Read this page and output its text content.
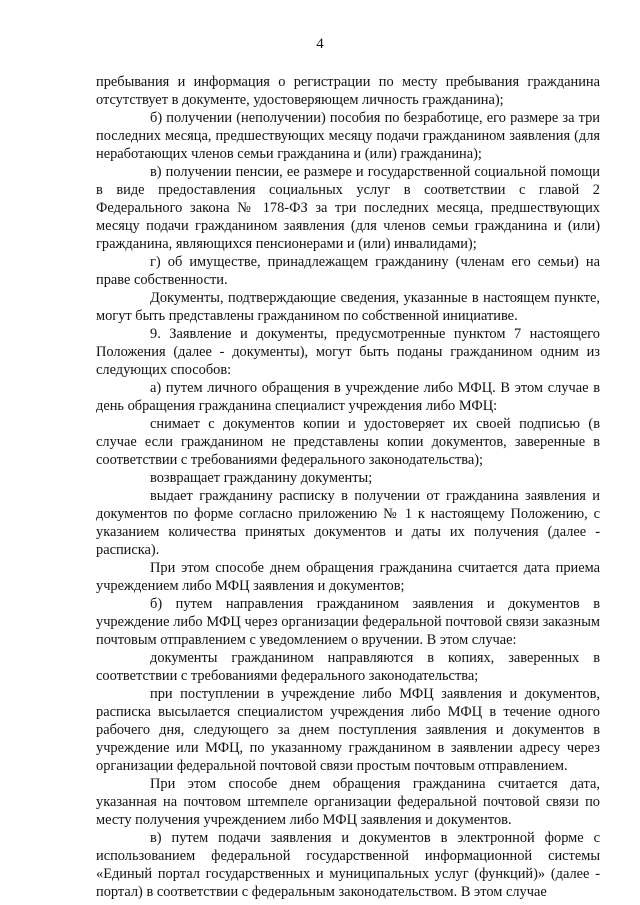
4

пребывания и информация о регистрации по месту пребывания гражданина отсутствует в документе, удостоверяющем личность гражданина);

б) получении (неполучении) пособия по безработице, его размере за три последних месяца, предшествующих месяцу подачи гражданином заявления (для неработающих членов семьи гражданина и (или) гражданина);

в) получении пенсии, ее размере и государственной социальной помощи в виде предоставления социальных услуг в соответствии с главой 2 Федерального закона № 178-ФЗ за три последних месяца, предшествующих месяцу подачи гражданином заявления (для членов семьи гражданина и (или) гражданина, являющихся пенсионерами и (или) инвалидами);

г) об имуществе, принадлежащем гражданину (членам его семьи) на праве собственности.

Документы, подтверждающие сведения, указанные в настоящем пункте, могут быть представлены гражданином по собственной инициативе.

9. Заявление и документы, предусмотренные пунктом 7 настоящего Положения (далее - документы), могут быть поданы гражданином одним из следующих способов:

а) путем личного обращения в учреждение либо МФЦ. В этом случае в день обращения гражданина специалист учреждения либо МФЦ:

снимает с документов копии и удостоверяет их своей подписью (в случае если гражданином не представлены копии документов, заверенные в соответствии с требованиями федерального законодательства);

возвращает гражданину документы;

выдает гражданину расписку в получении от гражданина заявления и документов по форме согласно приложению № 1 к настоящему Положению, с указанием количества принятых документов и даты их получения (далее - расписка).

При этом способе днем обращения гражданина считается дата приема учреждением либо МФЦ заявления и документов;

б) путем направления гражданином заявления и документов в учреждение либо МФЦ через организации федеральной почтовой связи заказным почтовым отправлением с уведомлением о вручении. В этом случае:

документы гражданином направляются в копиях, заверенных в соответствии с требованиями федерального законодательства;

при поступлении в учреждение либо МФЦ заявления и документов, расписка высылается специалистом учреждения либо МФЦ в течение одного рабочего дня, следующего за днем поступления заявления и документов в учреждение или МФЦ, по указанному гражданином в заявлении адресу через организации федеральной почтовой связи простым почтовым отправлением.

При этом способе днем обращения гражданина считается дата, указанная на почтовом штемпеле организации федеральной почтовой связи по месту получения учреждением либо МФЦ заявления и документов.

в) путем подачи заявления и документов в электронной форме с использованием федеральной государственной информационной системы «Единый портал государственных и муниципальных услуг (функций)» (далее - портал) в соответствии с федеральным законодательством. В этом случае
